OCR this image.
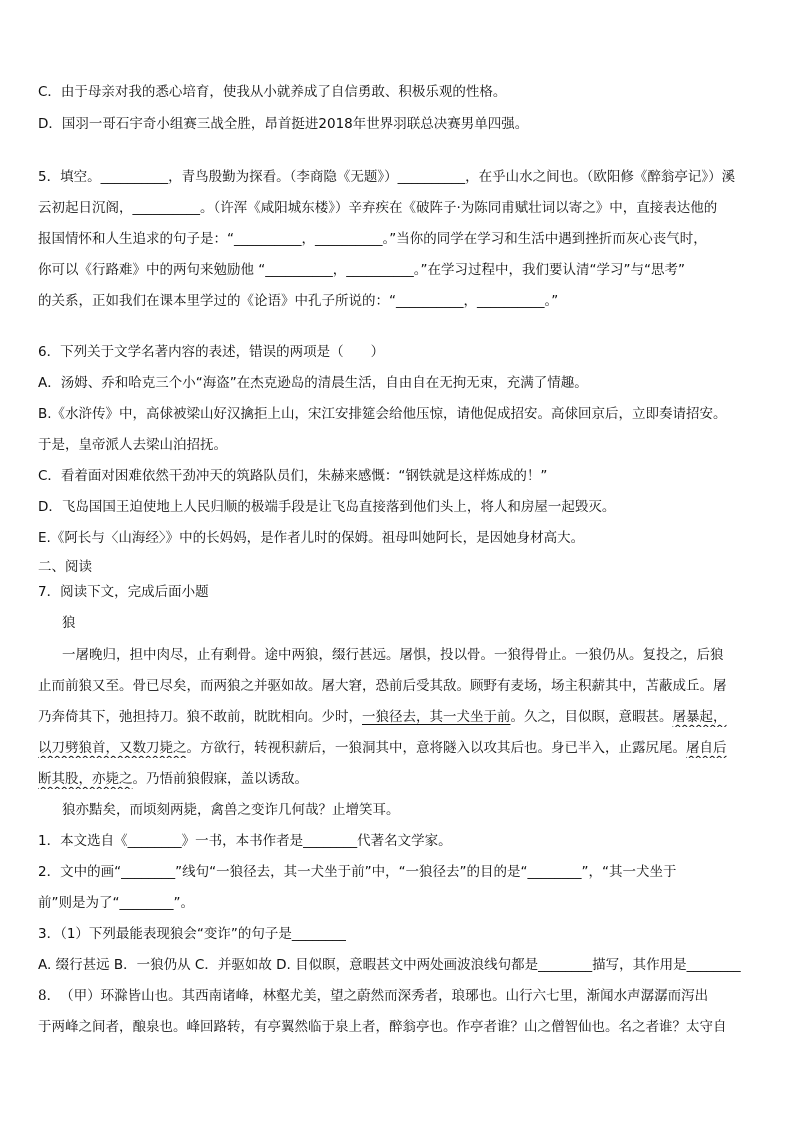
C．由于母亲对我的悉心培育，使我从小就养成了自信勇敢、积极乐观的性格。
D．国羽一哥石宇奇小组赛三战全胜，昂首挺进2018年世界羽联总决赛男单四强。
5．填空。__________，青鸟殷勤为探看。（李商隐《无题》）__________，在乎山水之间也。（欧阳修《醉翁亭记》）溪
云初起日沉阁，__________。（许浑《咸阳城东楼》）辛弃疾在《破阵子·为陈同甫赋壮词以寄之》中，直接表达他的
报国情怀和人生追求的句子是：“__________，__________。”当你的同学在学习和生活中遇到挫折而灰心丧气时，
你可以《行路难》中的两句来勉励他 “__________，__________。”在学习过程中，我们要认清“学习”与“思考”
的关系，正如我们在课本里学过的《论语》中孔子所说的：“__________，__________。”
6．下列关于文学名著内容的表述，错误的两项是（　　）
A．汤姆、乔和哈克三个小“海盗”在杰克逊岛的清晨生活，自由自在无拘无束，充满了情趣。
B.《水浒传》中，高俅被梁山好汉擒拒上山，宋江安排筵会给他压惊，请他促成招安。高俅回京后，立即奏请招安。
于是，皇帝派人去梁山泊招抚。
C．看着面对困难依然干劲冲天的筑路队员们，朱赫来感慨：“钢铁就是这样炼成的！”
D．飞岛国国王迫使地上人民归顺的极端手段是让飞岛直接落到他们头上，将人和房屋一起毁灭。
E.《阿长与〈山海经〉》中的长妈妈，是作者儿时的保姆。祖母叫她阿长，是因她身材高大。
二、阅读
7．阅读下文，完成后面小题
狼
一屠晚归，担中肉尽，止有剩骨。途中两狼，缀行甚远。屠惧，投以骨。一狼得骨止。一狼仍从。复投之，后狼
止而前狼又至。骨已尽矣，而两狼之并驱如故。屠大窘，恐前后受其敌。顾野有麦场，场主积薪其中，苫蔽成丘。屠
乃奔倚其下，弛担持刀。狼不敢前，眈眈相向。少时，一狼径去，其一犬坐于前。久之，目似瞑，意暇甚。屠暴起，
以刀劈狼首，又数刀毙之。方欲行，转视积薪后，一狼洞其中，意将隧入以攻其后也。身已半入，止露尻尾。屠自后
断其股，亦毙之。乃悟前狼假寐，盖以诱敌。
狼亦黠矣，而顷刻两毙，禽兽之变诈几何哉？止增笑耳。
1．本文选自《________》一书，本书作者是________代著名文学家。
2．文中的画“________”线句“一狼径去，其一犬坐于前”中，“一狼径去”的目的是“________”，“其一犬坐于
前”则是为了“________”。
3．（1）下列最能表现狼会“变诈”的句子是________
A. 缀行甚远 B．一狼仍从 C．并驱如故 D. 目似瞑，意暇甚文中两处画波浪线句都是________描写，其作用是________
8．　（甲）环滁皆山也。其西南诸峰，林壑尤美，望之蔚然而深秀者，琅琊也。山行六七里，渐闻水声潺潺而泻出
于两峰之间者，酿泉也。峰回路转，有亭翼然临于泉上者，醉翁亭也。作亭者谁？山之僧智仙也。名之者谁？太守自
